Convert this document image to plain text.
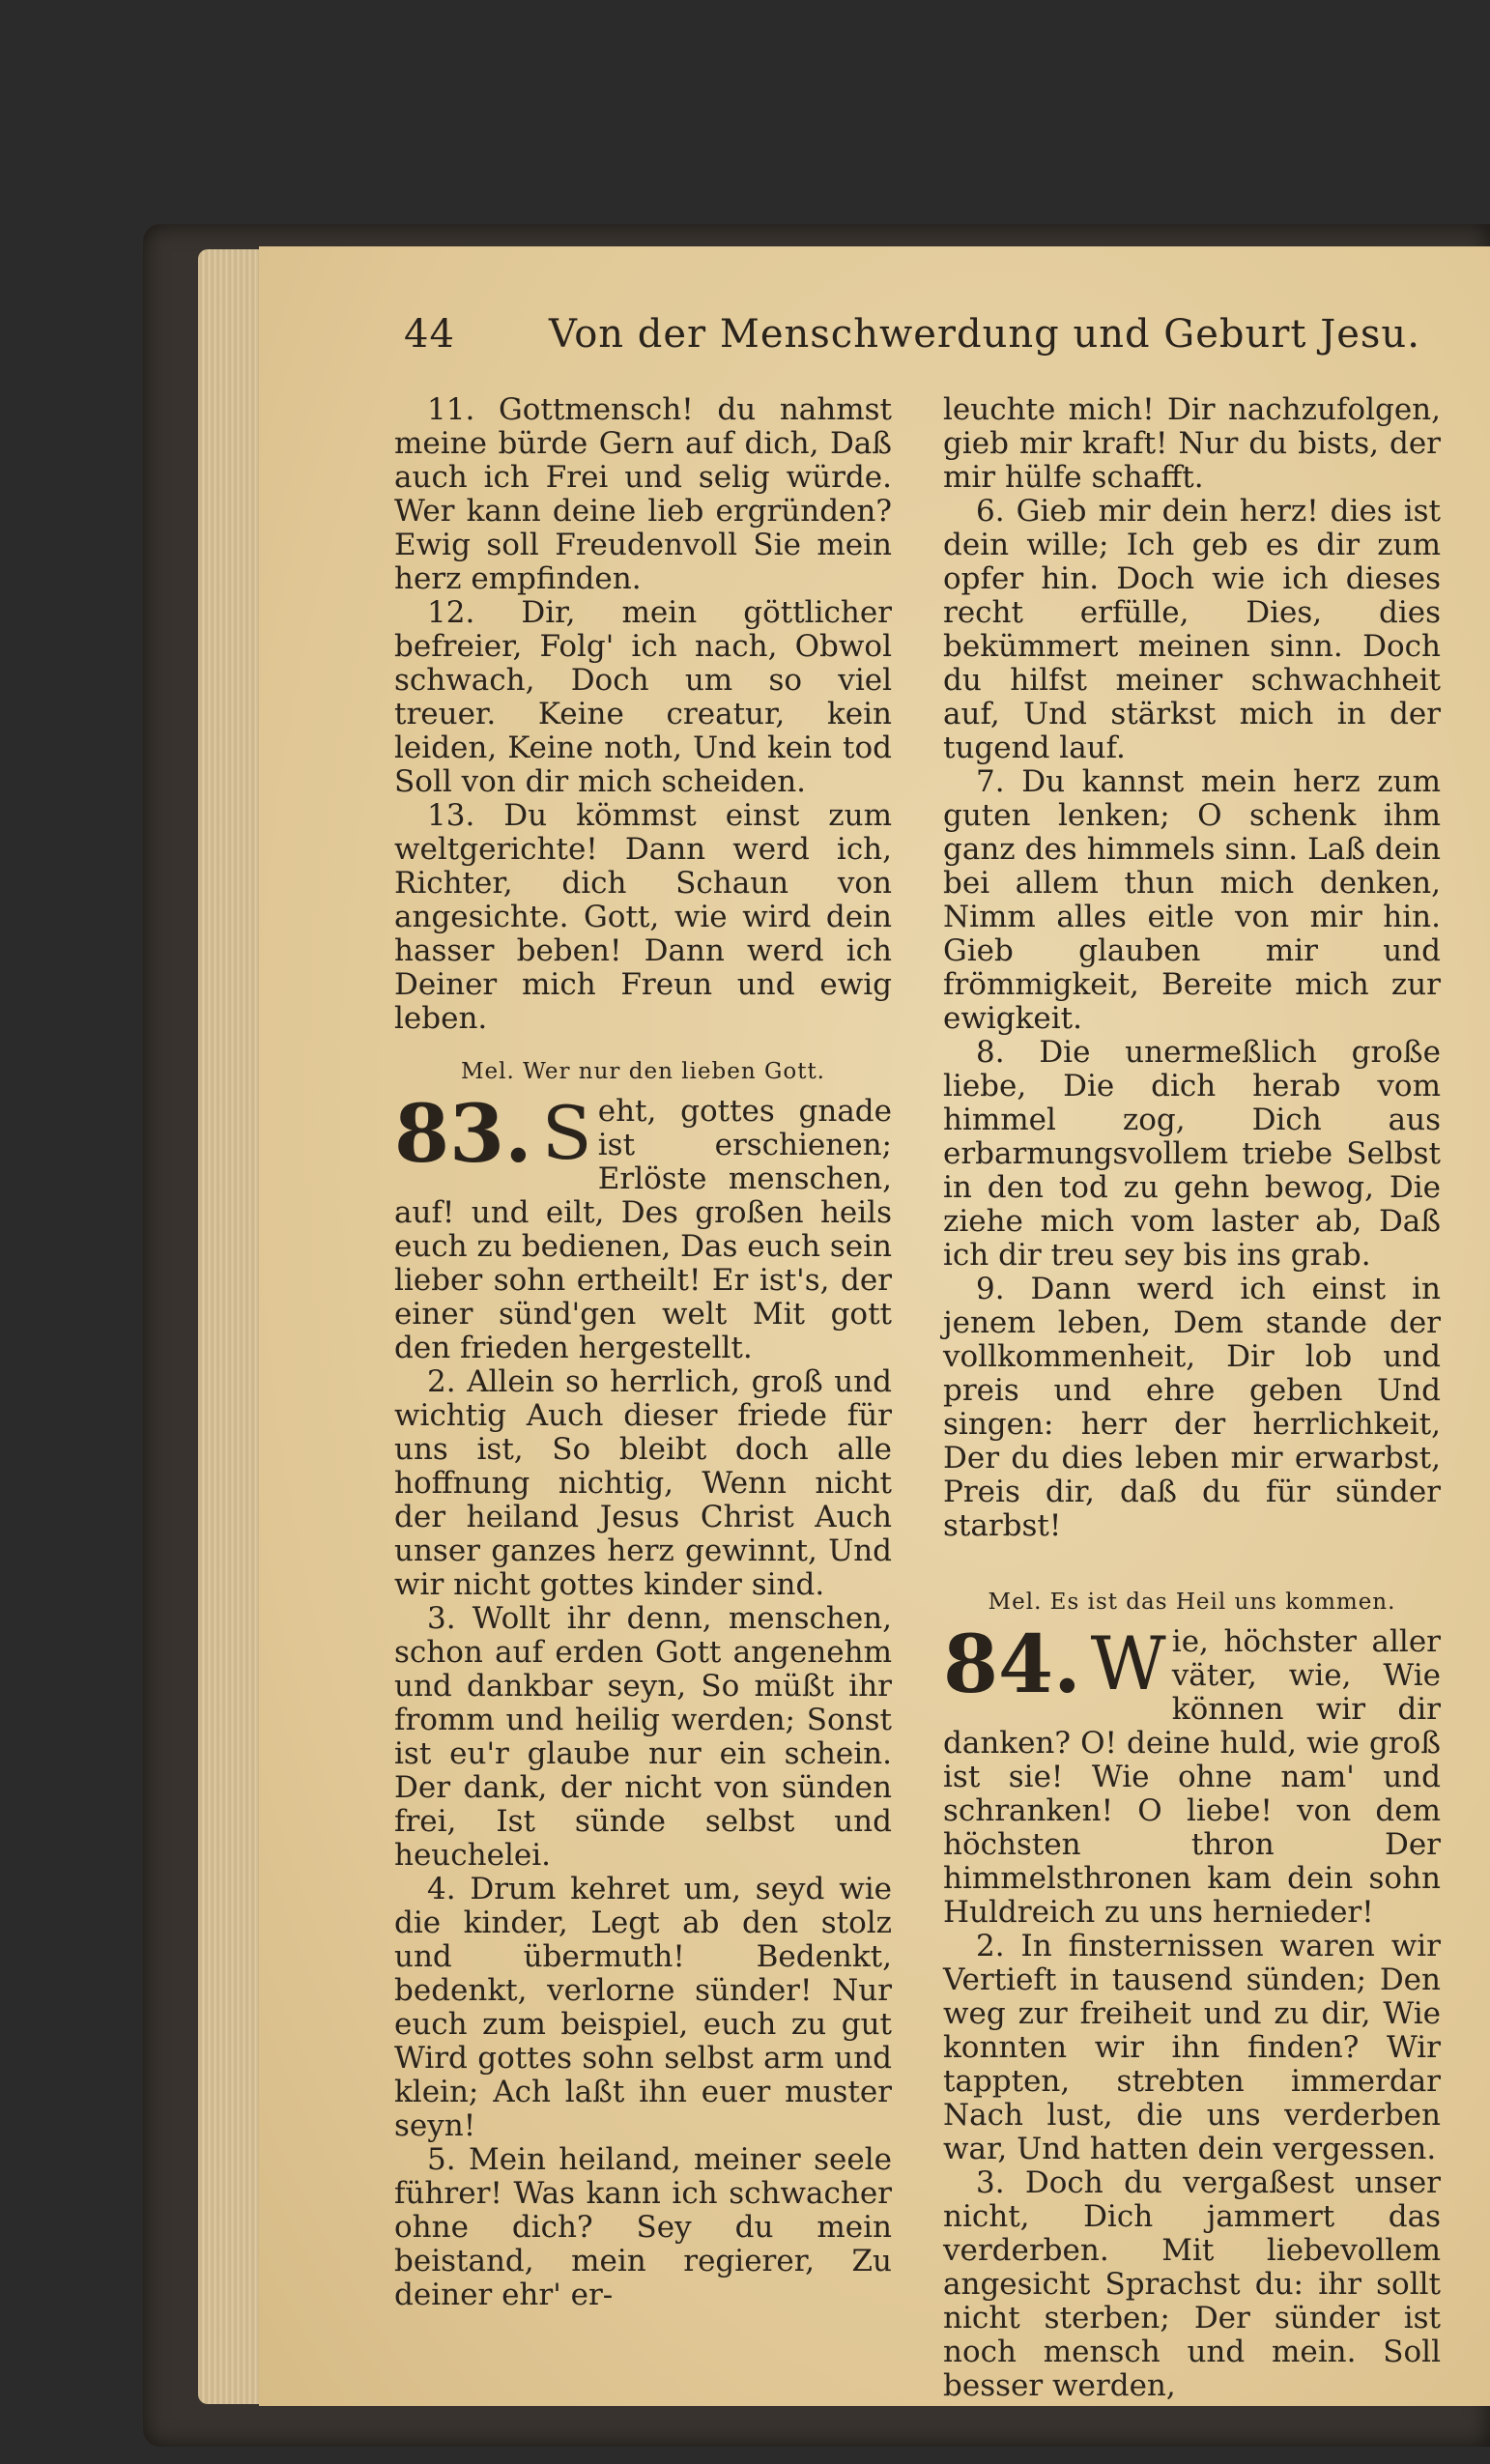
44 Von der Menschwerdung und Geburt Jesu.

11. Gottmensch! du nahmst meine bürde Gern auf dich, Daß auch ich Frei und selig würde. Wer kann deine lieb ergründen? Ewig soll Freudenvoll Sie mein herz empfinden.

12. Dir, mein göttlicher befreier, Folg' ich nach, Obwol schwach, Doch um so viel treuer. Keine creatur, kein leiden, Keine noth, Und kein tod Soll von dir mich scheiden.

13. Du kömmst einst zum weltgerichte! Dann werd ich, Richter, dich Schaun von angesichte. Gott, wie wird dein hasser beben! Dann werd ich Deiner mich Freun und ewig leben.

Mel. Wer nur den lieben Gott.
83. S eht, gottes gnade ist erschienen; Erlöste menschen, auf! und eilt, Des großen heils euch zu bedienen, Das euch sein lieber sohn ertheilt! Er ist's, der einer sünd'gen welt Mit gott den frieden hergestellt.

2. Allein so herrlich, groß und wichtig Auch dieser friede für uns ist, So bleibt doch alle hoffnung nichtig, Wenn nicht der heiland Jesus Christ Auch unser ganzes herz gewinnt, Und wir nicht gottes kinder sind.

3. Wollt ihr denn, menschen, schon auf erden Gott angenehm und dankbar seyn, So müßt ihr fromm und heilig werden; Sonst ist eu'r glaube nur ein schein. Der dank, der nicht von sünden frei, Ist sünde selbst und heuchelei.

4. Drum kehret um, seyd wie die kinder, Legt ab den stolz und übermuth! Bedenkt, bedenkt, verlorne sünder! Nur euch zum beispiel, euch zu gut Wird gottes sohn selbst arm und klein; Ach laßt ihn euer muster seyn!

5. Mein heiland, meiner seele führer! Was kann ich schwacher ohne dich? Sey du mein beistand, mein regierer, Zu deiner ehr' er-

leuchte mich! Dir nachzufolgen, gieb mir kraft! Nur du bists, der mir hülfe schafft.

6. Gieb mir dein herz! dies ist dein wille; Ich geb es dir zum opfer hin. Doch wie ich dieses recht erfülle, Dies, dies bekümmert meinen sinn. Doch du hilfst meiner schwachheit auf, Und stärkst mich in der tugend lauf.

7. Du kannst mein herz zum guten lenken; O schenk ihm ganz des himmels sinn. Laß dein bei allem thun mich denken, Nimm alles eitle von mir hin. Gieb glauben mir und frömmigkeit, Bereite mich zur ewigkeit.

8. Die unermeßlich große liebe, Die dich herab vom himmel zog, Dich aus erbarmungsvollem triebe Selbst in den tod zu gehn bewog, Die ziehe mich vom laster ab, Daß ich dir treu sey bis ins grab.

9. Dann werd ich einst in jenem leben, Dem stande der vollkommenheit, Dir lob und preis und ehre geben Und singen: herr der herrlichkeit, Der du dies leben mir erwarbst, Preis dir, daß du für sünder starbst!

Mel. Es ist das Heil uns kommen.
84. W ie, höchster aller väter, wie, Wie können wir dir danken? O! deine huld, wie groß ist sie! Wie ohne nam' und schranken! O liebe! von dem höchsten thron Der himmelsthronen kam dein sohn Huldreich zu uns hernieder!

2. In finsternissen waren wir Vertieft in tausend sünden; Den weg zur freiheit und zu dir, Wie konnten wir ihn finden? Wir tappten, strebten immerdar Nach lust, die uns verderben war, Und hatten dein vergessen.

3. Doch du vergaßest unser nicht, Dich jammert das verderben. Mit liebevollem angesicht Sprachst du: ihr sollt nicht sterben; Der sünder ist noch mensch und mein. Soll besser werden,
